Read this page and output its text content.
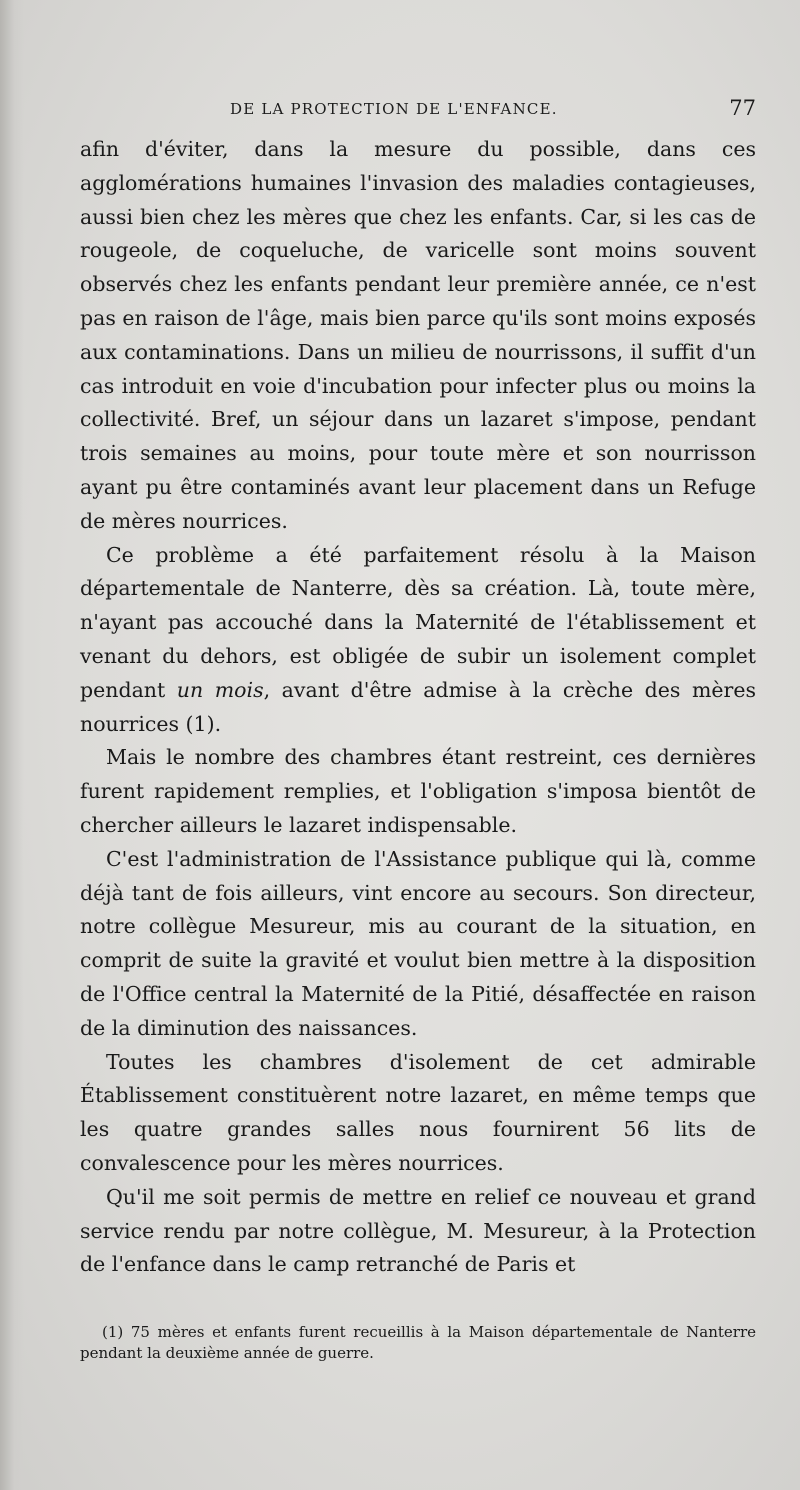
DE LA PROTECTION DE L'ENFANCE.	77

afin d'éviter, dans la mesure du possible, dans ces agglomérations humaines l'invasion des maladies contagieuses, aussi bien chez les mères que chez les enfants. Car, si les cas de rougeole, de coqueluche, de varicelle sont moins souvent observés chez les enfants pendant leur première année, ce n'est pas en raison de l'âge, mais bien parce qu'ils sont moins exposés aux contaminations. Dans un milieu de nourrissons, il suffit d'un cas introduit en voie d'incubation pour infecter plus ou moins la collectivité. Bref, un séjour dans un lazaret s'impose, pendant trois semaines au moins, pour toute mère et son nourrisson ayant pu être contaminés avant leur placement dans un Refuge de mères nourrices.

Ce problème a été parfaitement résolu à la Maison départementale de Nanterre, dès sa création. Là, toute mère, n'ayant pas accouché dans la Maternité de l'établissement et venant du dehors, est obligée de subir un isolement complet pendant un mois, avant d'être admise à la crèche des mères nourrices (1).

Mais le nombre des chambres étant restreint, ces dernières furent rapidement remplies, et l'obligation s'imposa bientôt de chercher ailleurs le lazaret indispensable.

C'est l'administration de l'Assistance publique qui là, comme déjà tant de fois ailleurs, vint encore au secours. Son directeur, notre collègue Mesureur, mis au courant de la situation, en comprit de suite la gravité et voulut bien mettre à la disposition de l'Office central la Maternité de la Pitié, désaffectée en raison de la diminution des naissances.

Toutes les chambres d'isolement de cet admirable Établissement constituèrent notre lazaret, en même temps que les quatre grandes salles nous fournirent 56 lits de convalescence pour les mères nourrices.

Qu'il me soit permis de mettre en relief ce nouveau et grand service rendu par notre collègue, M. Mesureur, à la Protection de l'enfance dans le camp retranché de Paris et

(1) 75 mères et enfants furent recueillis à la Maison départementale de Nanterre pendant la deuxième année de guerre.
